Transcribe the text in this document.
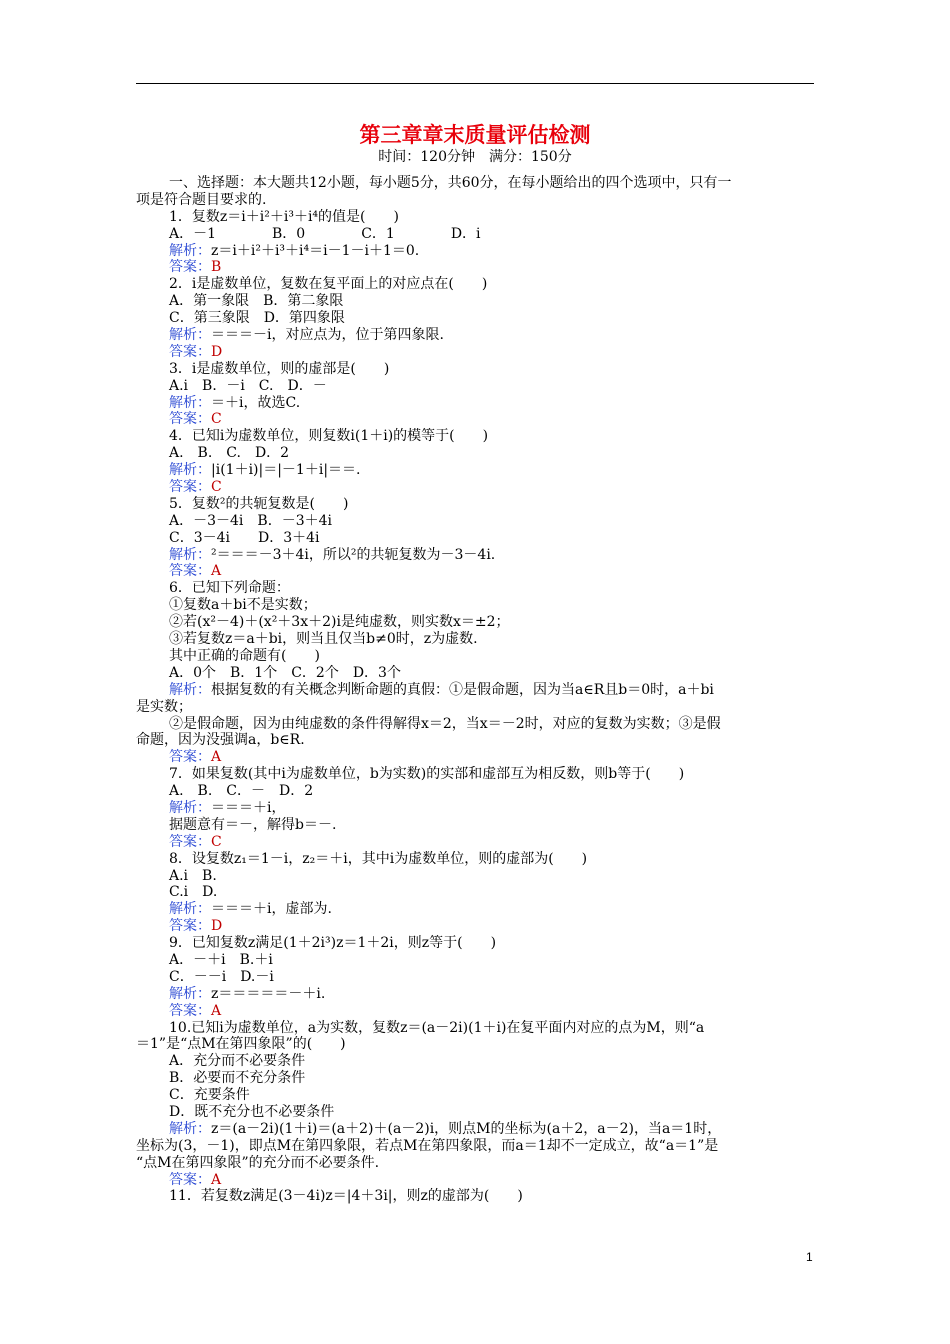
第三章章末质量评估检测

时间：120分钟　满分：150分

一、选择题：本大题共12小题，每小题5分，共60分，在每小题给出的四个选项中，只有一
项是符合题目要求的.
1．复数z＝i＋i²＋i³＋i⁴的值是(　　)
A．－1　　　　B．0　　　　C．1　　　　D．i
解析：z＝i＋i²＋i³＋i⁴＝i－1－i＋1＝0.
答案：B
2．i是虚数单位，复数在复平面上的对应点在(　　)
A．第一象限　B．第二象限
C．第三象限　D．第四象限
解析：＝＝＝－i，对应点为，位于第四象限.
答案：D
3．i是虚数单位，则的虚部是(　　)
A.i　B．－i　C.　D．－
解析：＝＋i，故选C.
答案：C
4．已知i为虚数单位，则复数i(1＋i)的模等于(　　)
A.　B.　C.　D．2
解析：|i(1＋i)|＝|－1＋i|＝＝.
答案：C
5．复数²的共轭复数是(　　)
A．－3－4i　B．－3＋4i
C．3－4i　　D．3＋4i
解析：²＝＝＝－3＋4i，所以²的共轭复数为－3－4i.
答案：A
6．已知下列命题：
①复数a＋bi不是实数；
②若(x²－4)＋(x²＋3x＋2)i是纯虚数，则实数x＝±2；
③若复数z＝a＋bi，则当且仅当b≠0时，z为虚数.
其中正确的命题有(　　)
A．0个　B．1个　C．2个　D．3个
解析：根据复数的有关概念判断命题的真假：①是假命题，因为当a∈R且b＝0时，a＋bi
是实数；
②是假命题，因为由纯虚数的条件得解得x＝2，当x＝－2时，对应的复数为实数；③是假
命题，因为没强调a，b∈R.
答案：A
7．如果复数(其中i为虚数单位，b为实数)的实部和虚部互为相反数，则b等于(　　)
A.　B.　C．－　D．2
解析：＝＝＝＋i，
据题意有＝－，解得b＝－.
答案：C
8．设复数z₁＝1－i，z₂＝＋i，其中i为虚数单位，则的虚部为(　　)
A.i　B.
C.i　D.
解析：＝＝＝＋i，虚部为.
答案：D
9．已知复数z满足(1＋2i³)z＝1＋2i，则z等于(　　)
A．－＋i　B.＋i
C．－－i　D.－i
解析：z＝＝＝＝＝－＋i.
答案：A
10.已知i为虚数单位，a为实数，复数z＝(a－2i)(1＋i)在复平面内对应的点为M，则“a
＝1”是“点M在第四象限”的(　　)
A．充分而不必要条件
B．必要而不充分条件
C．充要条件
D．既不充分也不必要条件
解析：z＝(a－2i)(1＋i)＝(a＋2)＋(a－2)i，则点M的坐标为(a＋2，a－2)，当a＝1时，
坐标为(3，－1)，即点M在第四象限，若点M在第四象限，而a＝1却不一定成立，故“a＝1”是
“点M在第四象限”的充分而不必要条件.
答案：A
11．若复数z满足(3－4i)z＝|4＋3i|，则z的虚部为(　　)
1
